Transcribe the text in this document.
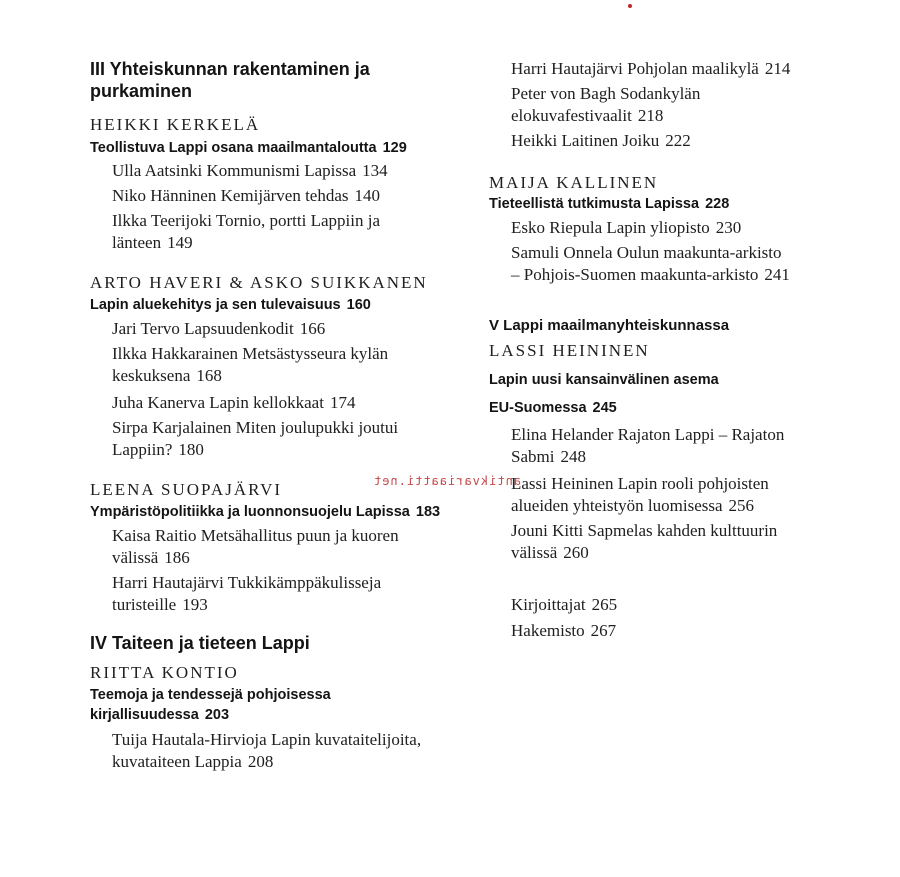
III Yhteiskunnan rakentaminen ja
purkaminen
HEIKKI KERKELÄ
Teollistuva Lappi osana maailmantaloutta 129
Ulla Aatsinki Kommunismi Lapissa 134
Niko Hänninen Kemijärven tehdas 140
Ilkka Teerijoki Tornio, portti Lappiin ja
länteen 149
ARTO HAVERI & ASKO SUIKKANEN
Lapin aluekehitys ja sen tulevaisuus 160
Jari Tervo Lapsuudenkodit 166
Ilkka Hakkarainen Metsästysseura kylän
keskuksena 168
Juha Kanerva Lapin kellokkaat 174
Sirpa Karjalainen Miten joulupukki joutui
Lappiin? 180
LEENA SUOPAJÄRVI
Ympäristöpolitiikka ja luonnonsuojelu Lapissa 183
Kaisa Raitio Metsähallitus puun ja kuoren
välissä 186
Harri Hautajärvi Tukkikämppäkulisseja
turisteille 193
IV Taiteen ja tieteen Lappi
RIITTA KONTIO
Teemoja ja tendessejä pohjoisessa
kirjallisuudessa 203
Tuija Hautala-Hirvioja Lapin kuvataitelijoita,
kuvataiteen Lappia 208
Harri Hautajärvi Pohjolan maalikylä 214
Peter von Bagh Sodankylän
elokuvafestivaalit 218
Heikki Laitinen Joiku 222
MAIJA KALLINEN
Tieteellistä tutkimusta Lapissa 228
Esko Riepula Lapin yliopisto 230
Samuli Onnela Oulun maakunta-arkisto
– Pohjois-Suomen maakunta-arkisto 241
V Lappi maailmanyhteiskunnassa
LASSI HEININEN
Lapin uusi kansainvälinen asema
EU-Suomessa 245
Elina Helander Rajaton Lappi – Rajaton
Sabmi 248
Lassi Heininen Lapin rooli pohjoisten
alueiden yhteistyön luomisessa 256
Jouni Kitti Sapmelas kahden kulttuurin
välissä 260
Kirjoittajat 265
Hakemisto 267
antikvariaatti.net
